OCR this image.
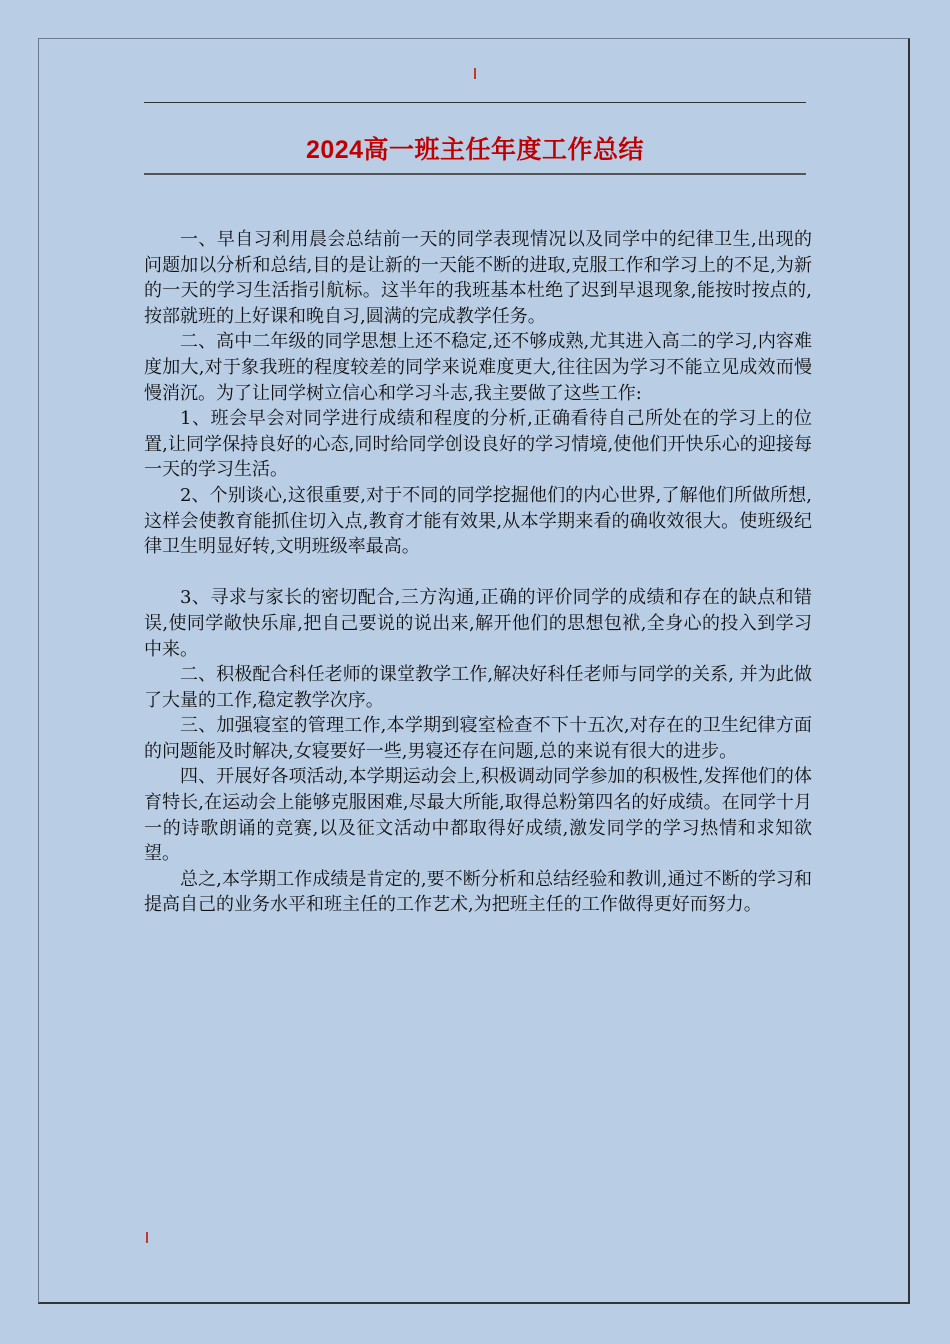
2024高一班主任年度工作总结

一、早自习利用晨会总结前一天的同学表现情况以及同学中的纪律卫生,出现的问题加以分析和总结,目的是让新的一天能不断的进取,克服工作和学习上的不足,为新的一天的学习生活指引航标。这半年的我班基本杜绝了迟到早退现象,能按时按点的,按部就班的上好课和晚自习,圆满的完成教学任务。

二、高中二年级的同学思想上还不稳定,还不够成熟,尤其进入高二的学习,内容难度加大,对于象我班的程度较差的同学来说难度更大,往往因为学习不能立见成效而慢慢消沉。为了让同学树立信心和学习斗志,我主要做了这些工作:

1、班会早会对同学进行成绩和程度的分析,正确看待自己所处在的学习上的位置,让同学保持良好的心态,同时给同学创设良好的学习情境,使他们开快乐心的迎接每一天的学习生活。

2、个别谈心,这很重要,对于不同的同学挖掘他们的内心世界,了解他们所做所想,这样会使教育能抓住切入点,教育才能有效果,从本学期来看的确收效很大。使班级纪律卫生明显好转,文明班级率最高。

3、寻求与家长的密切配合,三方沟通,正确的评价同学的成绩和存在的缺点和错误,使同学敞快乐扉,把自己要说的说出来,解开他们的思想包袱,全身心的投入到学习中来。

二、积极配合科任老师的课堂教学工作,解决好科任老师与同学的关系, 并为此做了大量的工作,稳定教学次序。

三、加强寝室的管理工作,本学期到寝室检查不下十五次,对存在的卫生纪律方面的问题能及时解决,女寝要好一些,男寝还存在问题,总的来说有很大的进步。

四、开展好各项活动,本学期运动会上,积极调动同学参加的积极性,发挥他们的体育特长,在运动会上能够克服困难,尽最大所能,取得总粉第四名的好成绩。在同学十月一的诗歌朗诵的竞赛,以及征文活动中都取得好成绩,激发同学的学习热情和求知欲望。

总之,本学期工作成绩是肯定的,要不断分析和总结经验和教训,通过不断的学习和提高自己的业务水平和班主任的工作艺术,为把班主任的工作做得更好而努力。
